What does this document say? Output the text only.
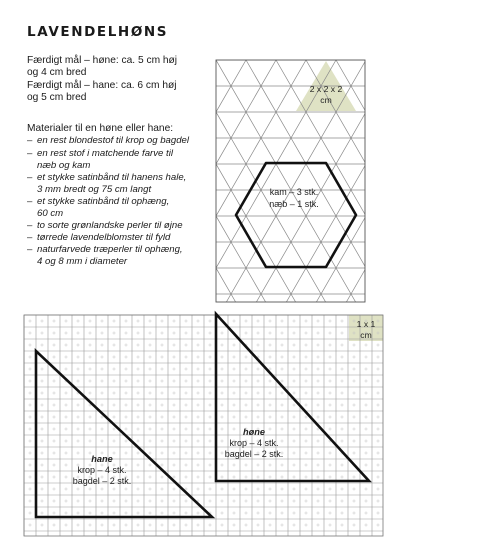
LAVENDELHØNS
Færdigt mål – høne: ca. 5 cm høj
og 4 cm bred
Færdigt mål – hane: ca. 6 cm høj
og 5 cm bred
Materialer til en høne eller hane:
– en rest blondestof til krop og bagdel
– en rest stof i matchende farve til
næb og kam
– et stykke satinbånd til hanens hale,
3 mm bredt og 75 cm langt
– et stykke satinbånd til ophæng,
60 cm
– to sorte grønlandske perler til øjne
– tørrede lavendelblomster til fyld
– naturfarvede træperler til ophæng,
4 og 8 mm i diameter
2 x 2 x 2
cm
kam – 3 stk.
næb – 1 stk.
1 x 1
cm
høne
krop – 4 stk.
bagdel – 2 stk.
hane
krop – 4 stk.
bagdel – 2 stk.
